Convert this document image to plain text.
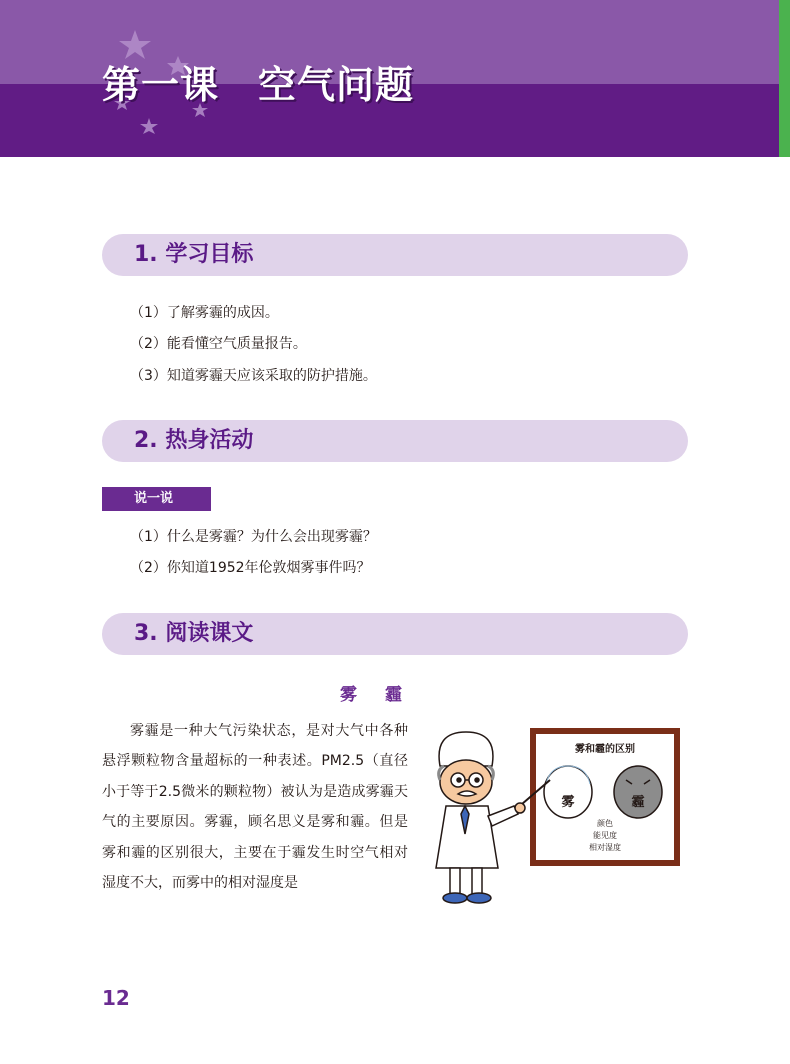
第一课　空气问题
1. 学习目标
（1）了解雾霾的成因。
（2）能看懂空气质量报告。
（3）知道雾霾天应该采取的防护措施。
2. 热身活动
说一说
（1）什么是雾霾？为什么会出现雾霾？
（2）你知道1952年伦敦烟雾事件吗？
3. 阅读课文
雾霾
雾霾是一种大气污染状态，是对大气中各种悬浮颗粒物含量超标的一种表述。PM2.5（直径小于等于2.5微米的颗粒物）被认为是造成雾霾天气的主要原因。雾霾，顾名思义是雾和霾。但是雾和霾的区别很大，主要在于霾发生时空气相对湿度不大，而雾中的相对湿度是
雾和霾的区别
雾	霾
颜色
能见度
相对湿度
12
